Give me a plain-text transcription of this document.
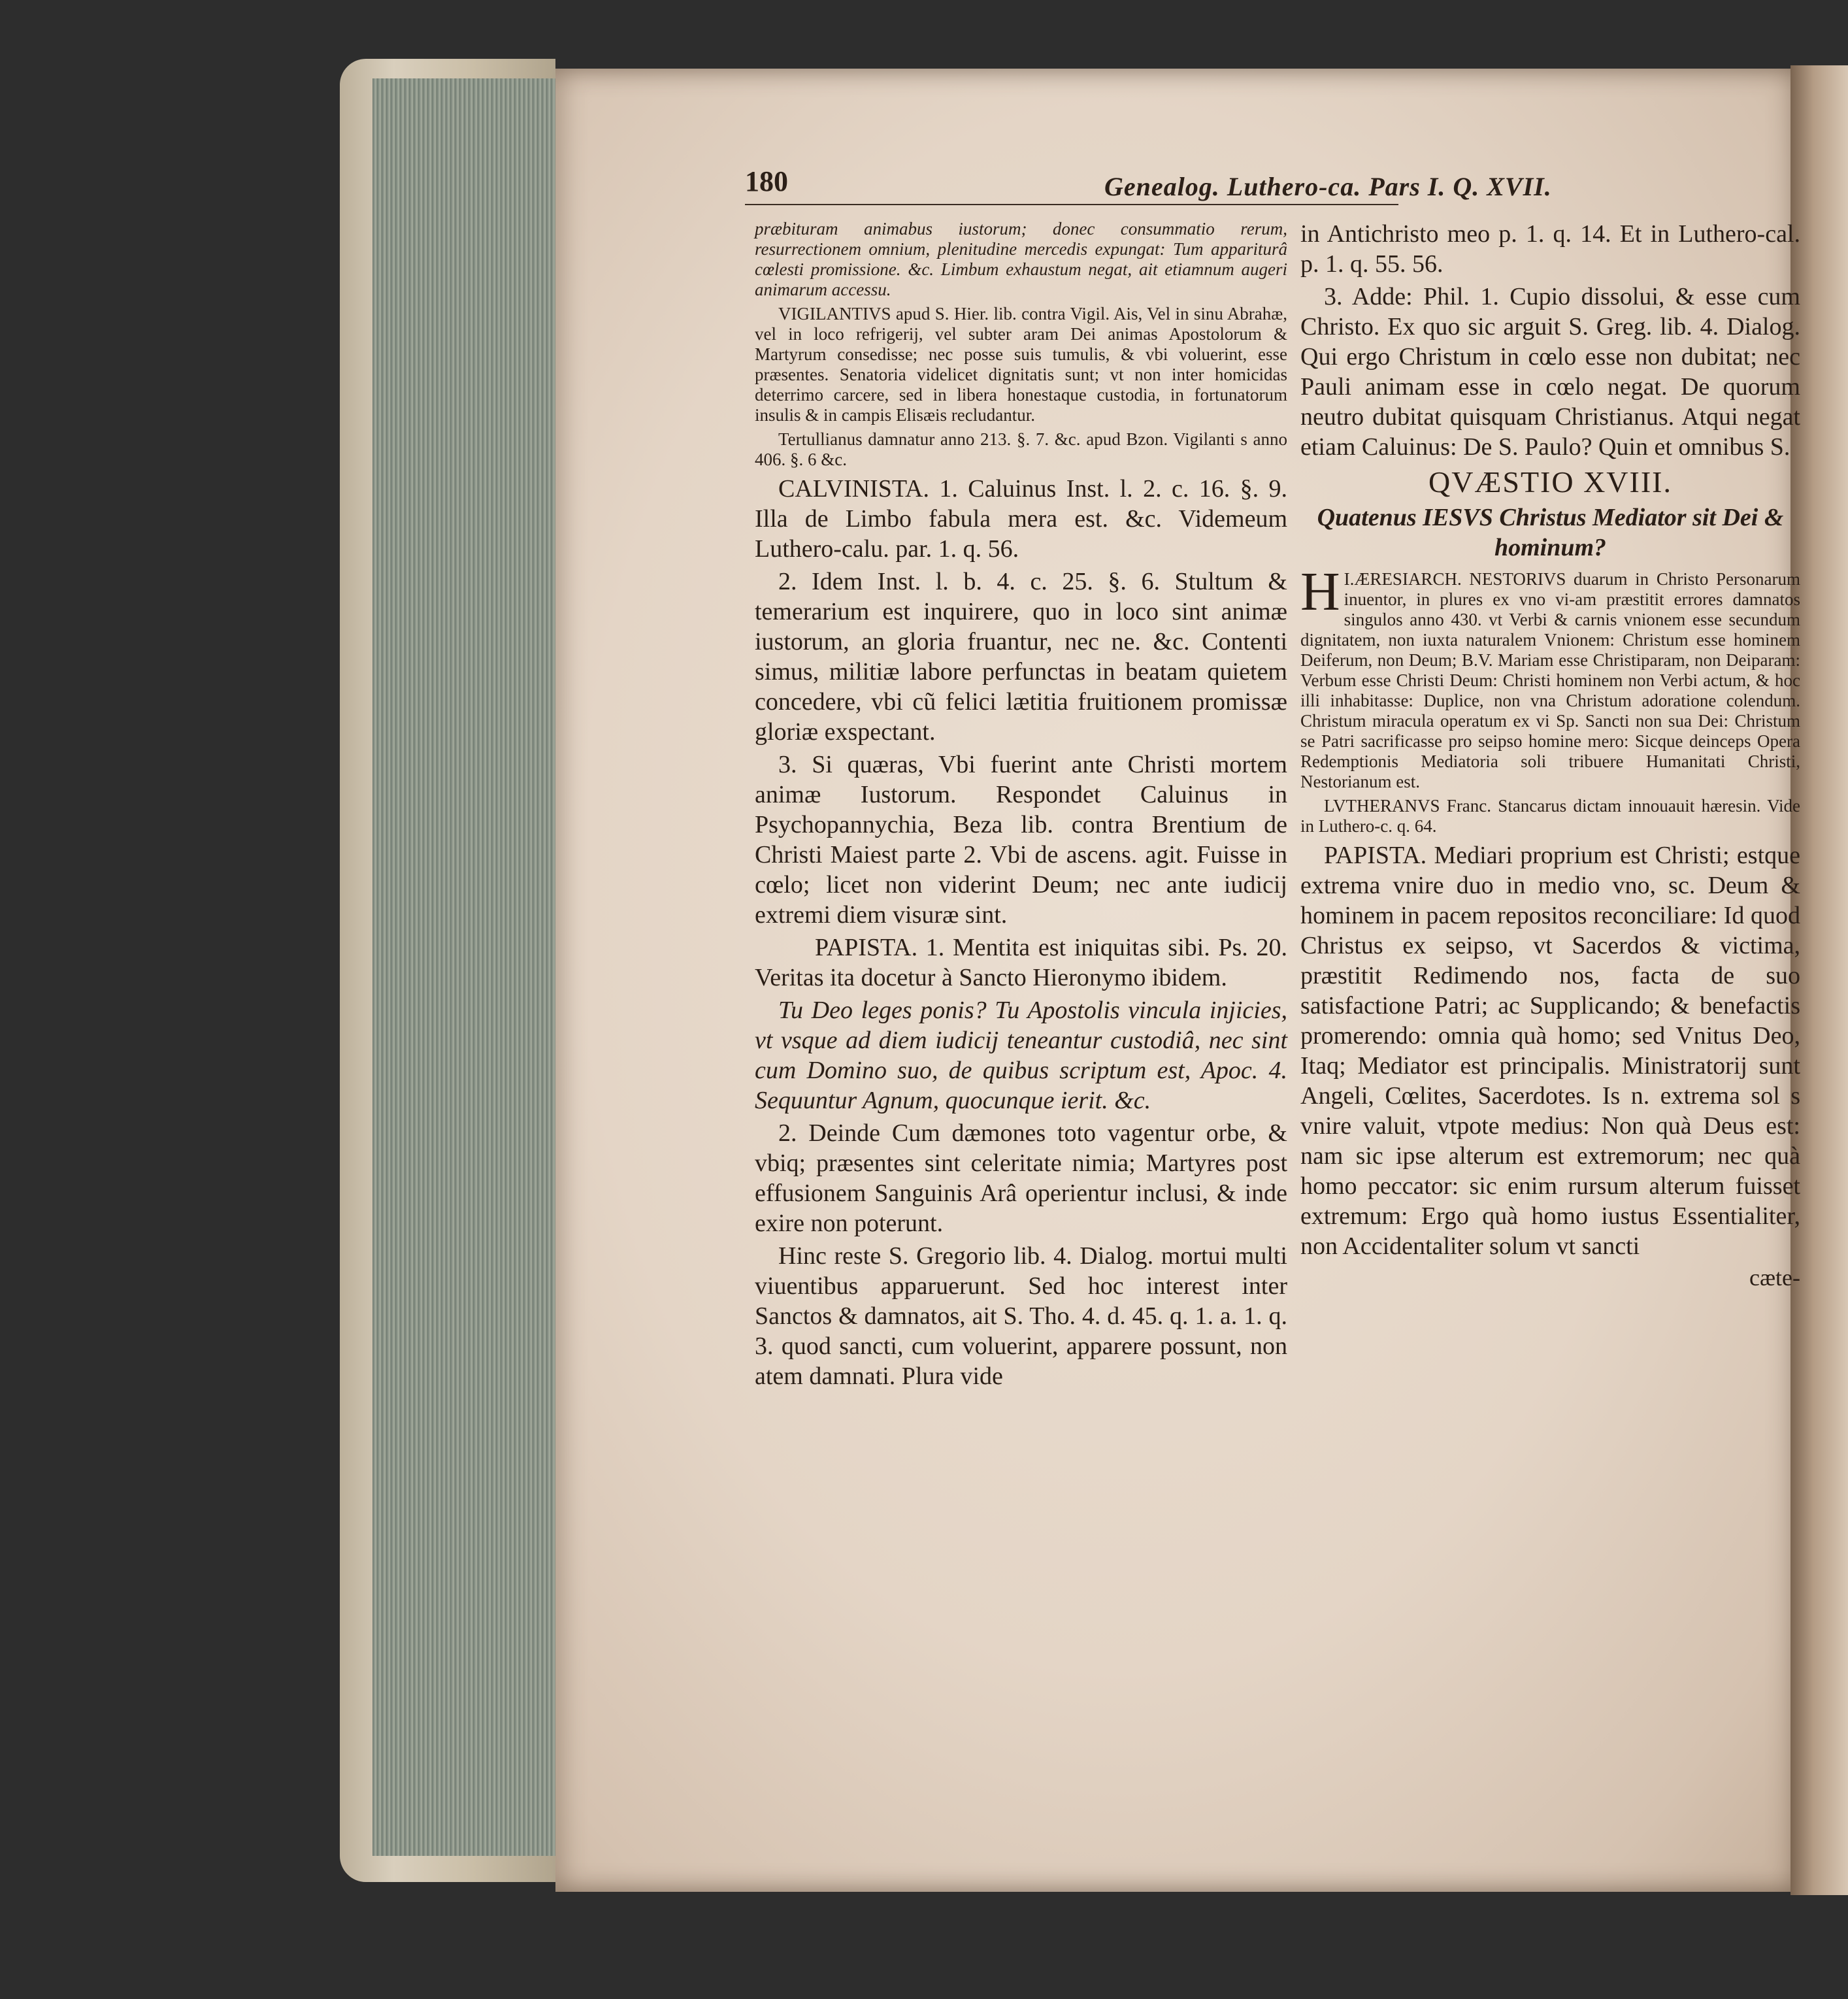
180	Genealog. Luthero-ca. Pars I. Q. XVII.

præbituram animabus iustorum; donec consummatio rerum, resurrectionem omnium, plenitudine mercedis expungat: Tum appariturâ cœlesti promissione. &c. Limbum exhaustum negat, ait etiamnum augeri animarum accessu.

VIGILANTIVS apud S. Hier. lib. contra Vigil. Ais, Vel in sinu Abrahæ, vel in loco refrigerij, vel subter aram Dei animas Apostolorum & Martyrum consedisse; nec posse suis tumulis, & vbi voluerint, esse præsentes. Senatoria videlicet dignitatis sunt; vt non inter homicidas deterrimo carcere, sed in libera honestaque custodia, in fortunatorum insulis & in campis Elisæis recludantur.

Tertullianus damnatur anno 213. §. 7. &c. apud Bzon. Vigilanti s anno 406. §. 6 &c.

CALVINISTA. 1. Caluinus Inst. l. 2. c. 16. §. 9. Illa de Limbo fabula mera est. &c. Videmeum Luthero-calu. par. 1. q. 56.

2. Idem Inst. l. b. 4. c. 25. §. 6. Stultum & temerarium est inquirere, quo in loco sint animæ iustorum, an gloria fruantur, nec ne. &c. Contenti simus, militiæ labore perfunctas in beatam quietem concedere, vbi cũ felici lætitia fruitionem promissæ gloriæ exspectant.

3. Si quæras, Vbi fuerint ante Christi mortem animæ Iustorum. Respondet Caluinus in Psychopannychia, Beza lib. contra Brentium de Christi Maiest parte 2. Vbi de ascens. agit. Fuisse in cœlo; licet non viderint Deum; nec ante iudicij extremi diem visuræ sint.

PAPISTA. 1. Mentita est iniquitas sibi. Ps. 20. Veritas ita docetur à Sancto Hieronymo ibidem.

Tu Deo leges ponis? Tu Apostolis vincula injicies, vt vsque ad diem iudicij teneantur custodiâ, nec sint cum Domino suo, de quibus scriptum est, Apoc. 4. Sequuntur Agnum, quocunque ierit. &c.

2. Deinde Cum dæmones toto vagentur orbe, & vbiq; præsentes sint celeritate nimia; Martyres post effusionem Sanguinis Arâ operientur inclusi, & inde exire non poterunt.

Hinc reste S. Gregorio lib. 4. Dialog. mortui multi viuentibus apparuerunt. Sed hoc interest inter Sanctos & damnatos, ait S. Tho. 4. d. 45. q. 1. a. 1. q. 3. quod sancti, cum voluerint, apparere possunt, non atem damnati. Plura vide

in Antichristo meo p. 1. q. 14. Et in Luthero-cal. p. 1. q. 55. 56.

3. Adde: Phil. 1. Cupio dissolui, & esse cum Christo. Ex quo sic arguit S. Greg. lib. 4. Dialog. Qui ergo Christum in cœlo esse non dubitat; nec Pauli animam esse in cœlo negat. De quorum neutro dubitat quisquam Christianus. Atqui negat etiam Caluinus: De S. Paulo? Quin et omnibus S.

QVÆSTIO XVIII.
Quatenus IESVS Christus Mediator sit Dei & hominum?

I.
H ÆRESIARCH. NESTORIVS duarum in Christo Personarum inuentor, in plures ex vno vi-am præstitit errores damnatos singulos anno 430. vt Verbi & carnis vnionem esse secundum dignitatem, non iuxta naturalem Vnionem: Christum esse hominem Deiferum, non Deum; B.V. Mariam esse Christiparam, non Deiparam: Verbum esse Christi Deum: Christi hominem non Verbi actum, & hoc illi inhabitasse: Duplice, non vna Christum adoratione colendum. Christum miracula operatum ex vi Sp. Sancti non sua Dei: Christum se Patri sacrificasse pro seipso homine mero: Sicque deinceps Opera Redemptionis Mediatoria soli tribuere Humanitati Christi, Nestorianum est.

LVTHERANVS Franc. Stancarus dictam innouauit hæresin. Vide in Luthero-c. q. 64.

PAPISTA. Mediari proprium est Christi; estque extrema vnire duo in medio vno, sc. Deum & hominem in pacem repositos reconciliare: Id quod Christus ex seipso, vt Sacerdos & victima, præstitit Redimendo nos, facta de suo satisfactione Patri; ac Supplicando; & benefactis promerendo: omnia quà homo; sed Vnitus Deo, Itaq; Mediator est principalis. Ministratorij sunt Angeli, Cœlites, Sacerdotes. Is n. extrema sol s vnire valuit, vtpote medius: Non quà Deus est: nam sic ipse alterum est extremorum; nec quà homo peccator: sic enim rursum alterum fuisset extremum: Ergo quà homo iustus Essentialiter, non Accidentaliter solum vt sancti

cæte-
